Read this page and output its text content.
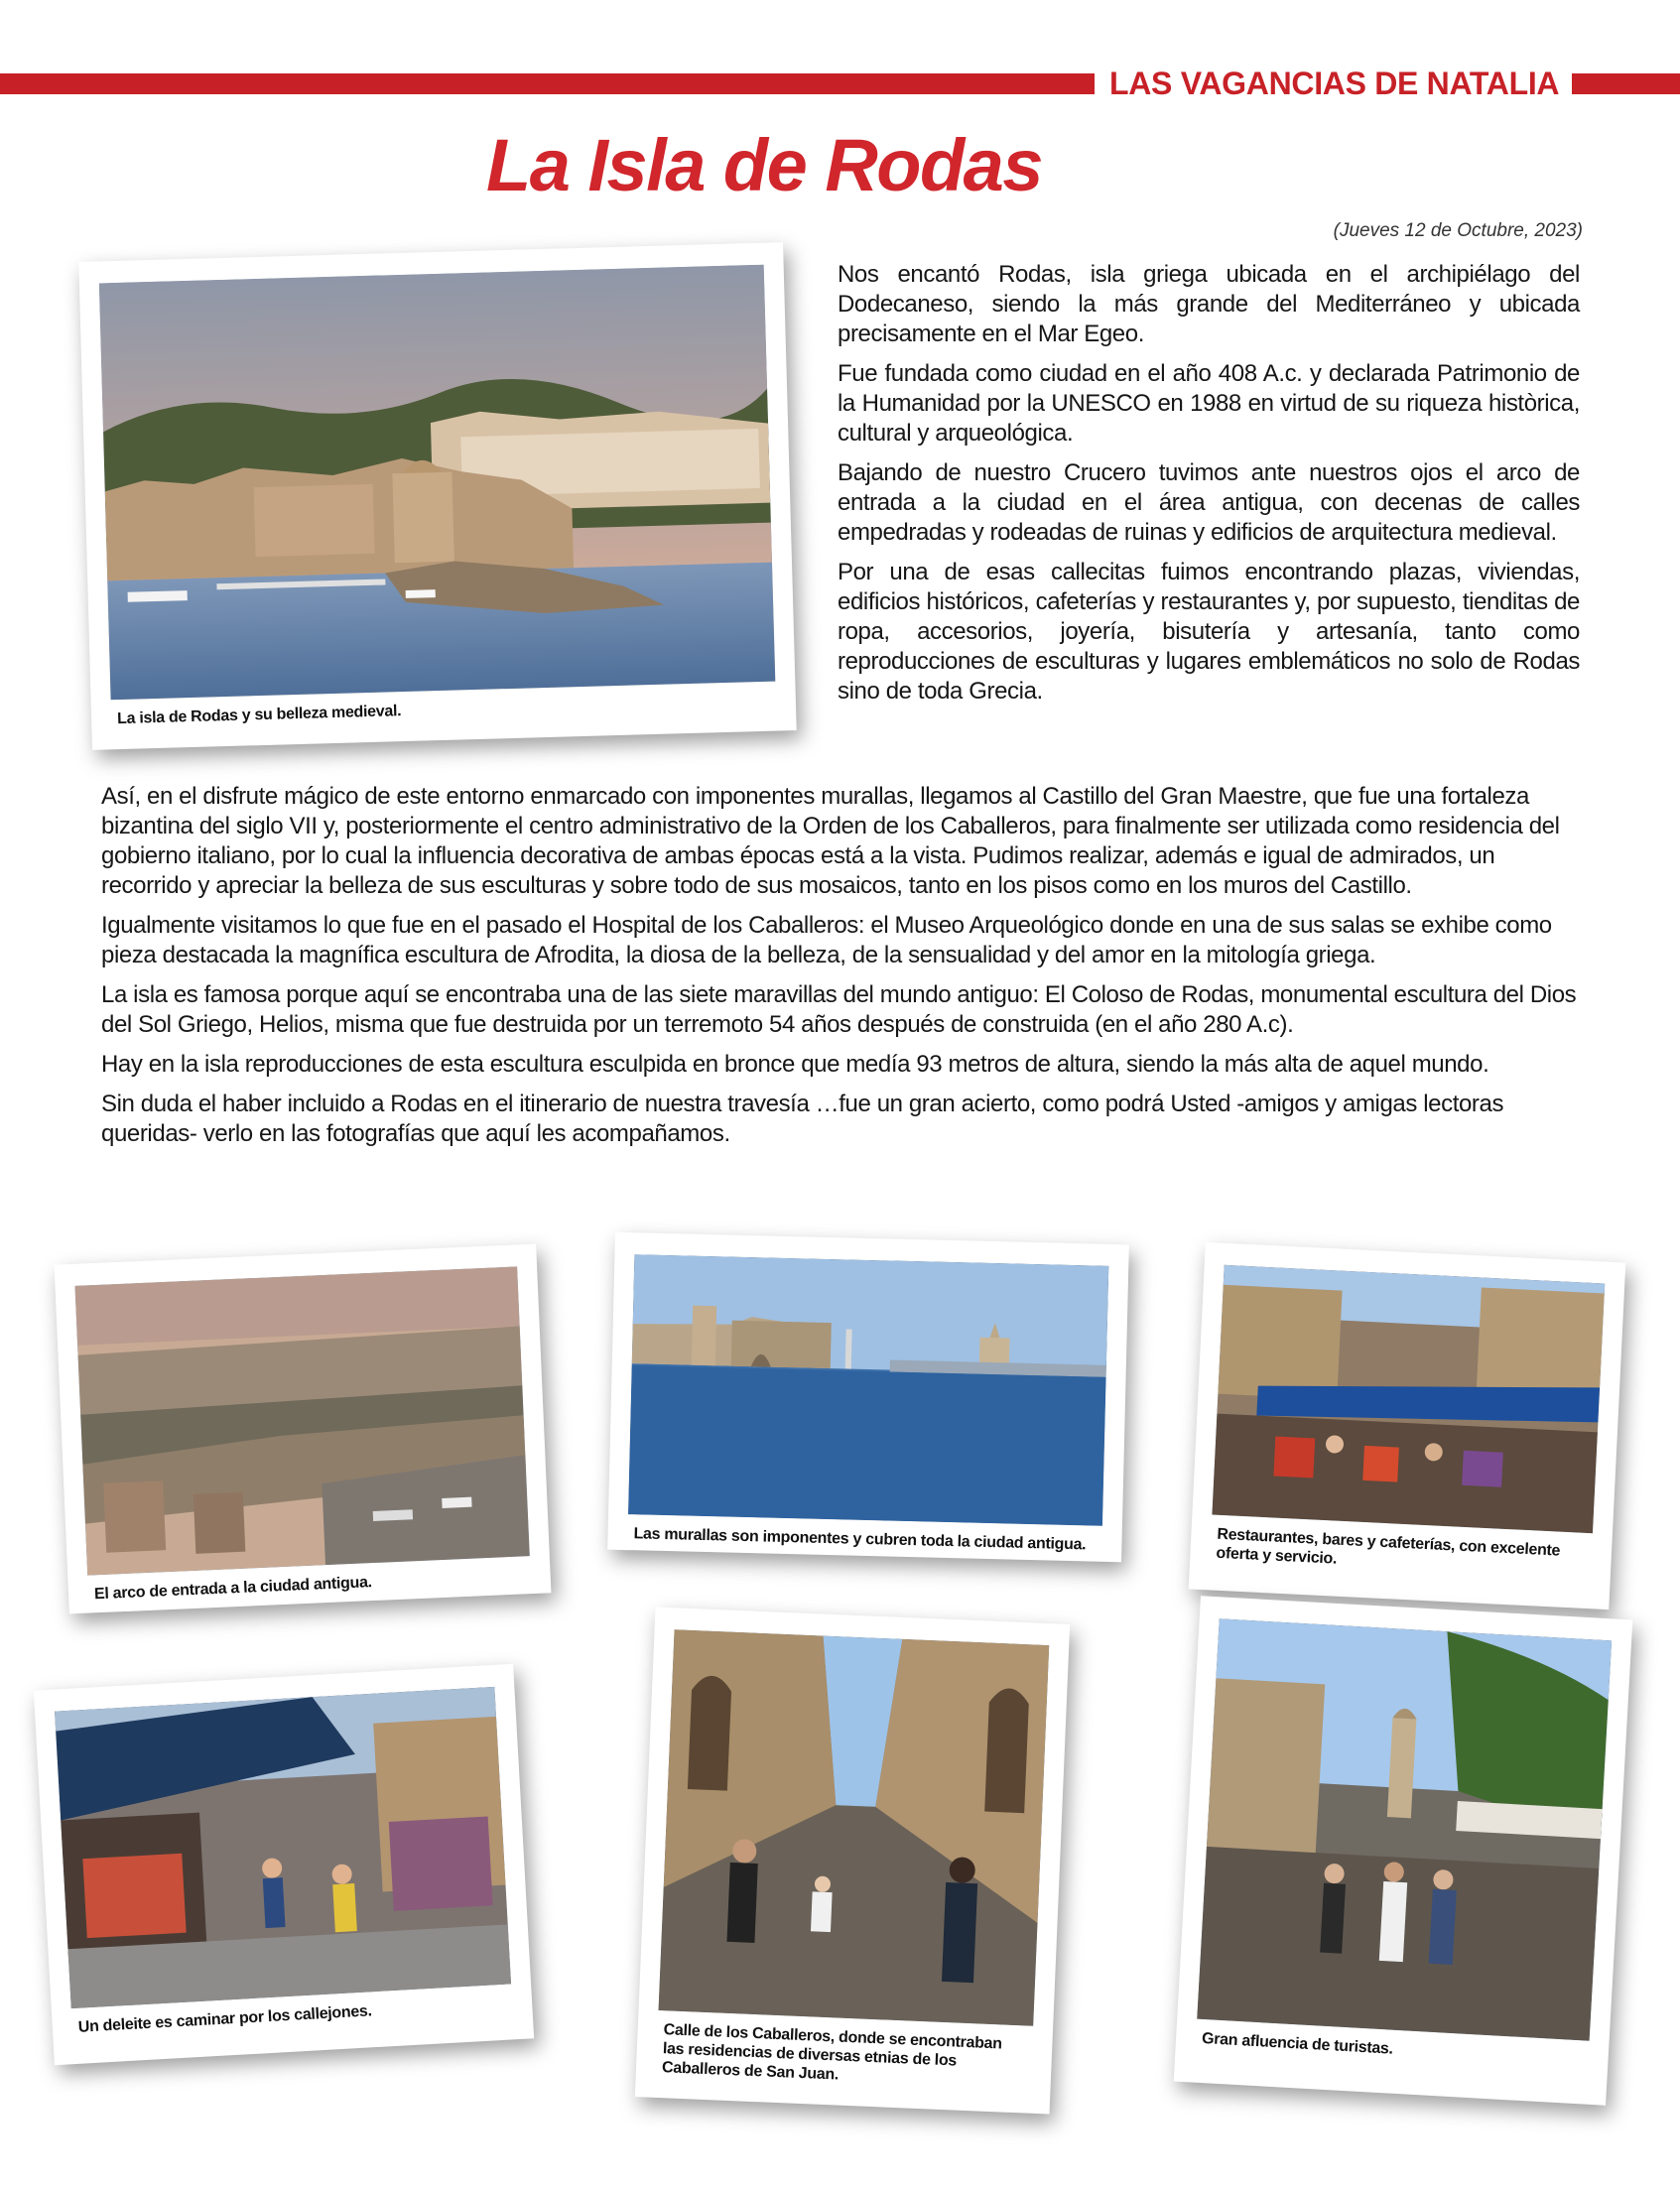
LAS VAGANCIAS DE NATALIA
La Isla de Rodas
(Jueves 12 de Octubre, 2023)
La isla de Rodas y su belleza medieval.

Nos encantó Rodas, isla griega ubicada en el archipiélago del Dodecaneso, siendo la más grande del Mediterráneo y ubicada precisamente en el Mar Egeo.

Fue fundada como ciudad en el año 408 A.c. y declarada Patrimonio de la Humanidad por la UNESCO en 1988 en virtud de su riqueza històrica, cultural y arqueológica.

Bajando de nuestro Crucero tuvimos ante nuestros ojos el arco de entrada a la ciudad en el área antigua, con decenas de calles empedradas y rodeadas de ruinas y edificios de arquitectura medieval.

Por una de esas callecitas fuimos encontrando plazas, viviendas, edificios históricos, cafeterías y restaurantes y, por supuesto, tienditas de ropa, accesorios, joyería, bisutería y artesanía, tanto como reproducciones de esculturas y lugares emblemáticos no solo de Rodas sino de toda Grecia.

Así, en el disfrute mágico de este entorno enmarcado con imponentes murallas, llegamos al Castillo del Gran Maestre, que fue una fortaleza bizantina del siglo VII y, posteriormente el centro administrativo de la Orden de los Caballeros, para finalmente ser utilizada como residencia del gobierno italiano, por lo cual la influencia decorativa de ambas épocas está a la vista. Pudimos realizar, además e igual de admirados, un recorrido y apreciar la belleza de sus esculturas y sobre todo de sus mosaicos, tanto en los pisos como en los muros del Castillo.

Igualmente visitamos lo que fue en el pasado el Hospital de los Caballeros: el Museo Arqueológico donde en una de sus salas se exhibe como pieza destacada la magnífica escultura de Afrodita, la diosa de la belleza, de la sensualidad y del amor en la mitología griega.

La isla es famosa porque aquí se encontraba una de las siete maravillas del mundo antiguo: El Coloso de Rodas, monumental escultura del Dios del Sol Griego, Helios, misma que fue destruida por un terremoto 54 años después de construida (en el año 280 A.c).

Hay en la isla reproducciones de esta escultura esculpida en bronce que medía 93 metros de altura, siendo la más alta de aquel mundo.

Sin duda el haber incluido a Rodas en el itinerario de nuestra travesía …fue un gran acierto, como podrá Usted -amigos y amigas lectoras queridas- verlo en las fotografías que aquí les acompañamos.

El arco de entrada a la ciudad antigua.
Las murallas son imponentes y cubren toda la ciudad antigua.	Restaurantes, bares y cafeterías, con excelente oferta y servicio.
Un deleite es caminar por los callejones.
Calle de los Caballeros, donde se encontraban las residencias de diversas etnias de los Caballeros de San Juan.
Gran afluencia de turistas.
